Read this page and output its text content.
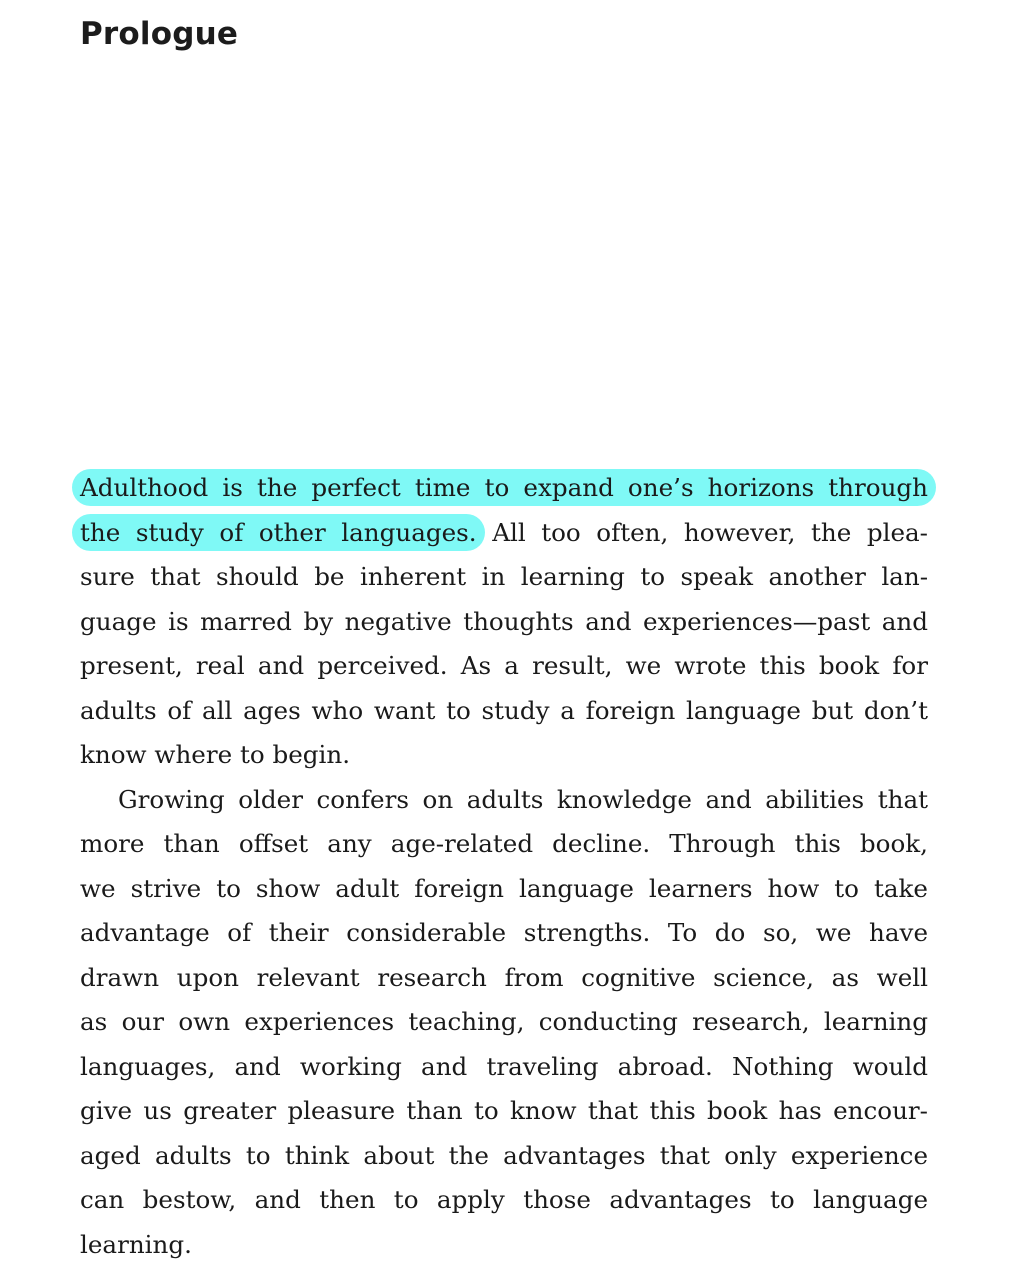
Prologue
Adulthood is the perfect time to expand one’s horizons through
the study of other languages. All too often, however, the plea-
sure that should be inherent in learning to speak another lan-
guage is marred by negative thoughts and experiences—past and
present, real and perceived. As a result, we wrote this book for
adults of all ages who want to study a foreign language but don’t
know where to begin.
Growing older confers on adults knowledge and abilities that
more than offset any age-related decline. Through this book,
we strive to show adult foreign language learners how to take
advantage of their considerable strengths. To do so, we have
drawn upon relevant research from cognitive science, as well
as our own experiences teaching, conducting research, learning
languages, and working and traveling abroad. Nothing would
give us greater pleasure than to know that this book has encour-
aged adults to think about the advantages that only experience
can bestow, and then to apply those advantages to language
learning.
